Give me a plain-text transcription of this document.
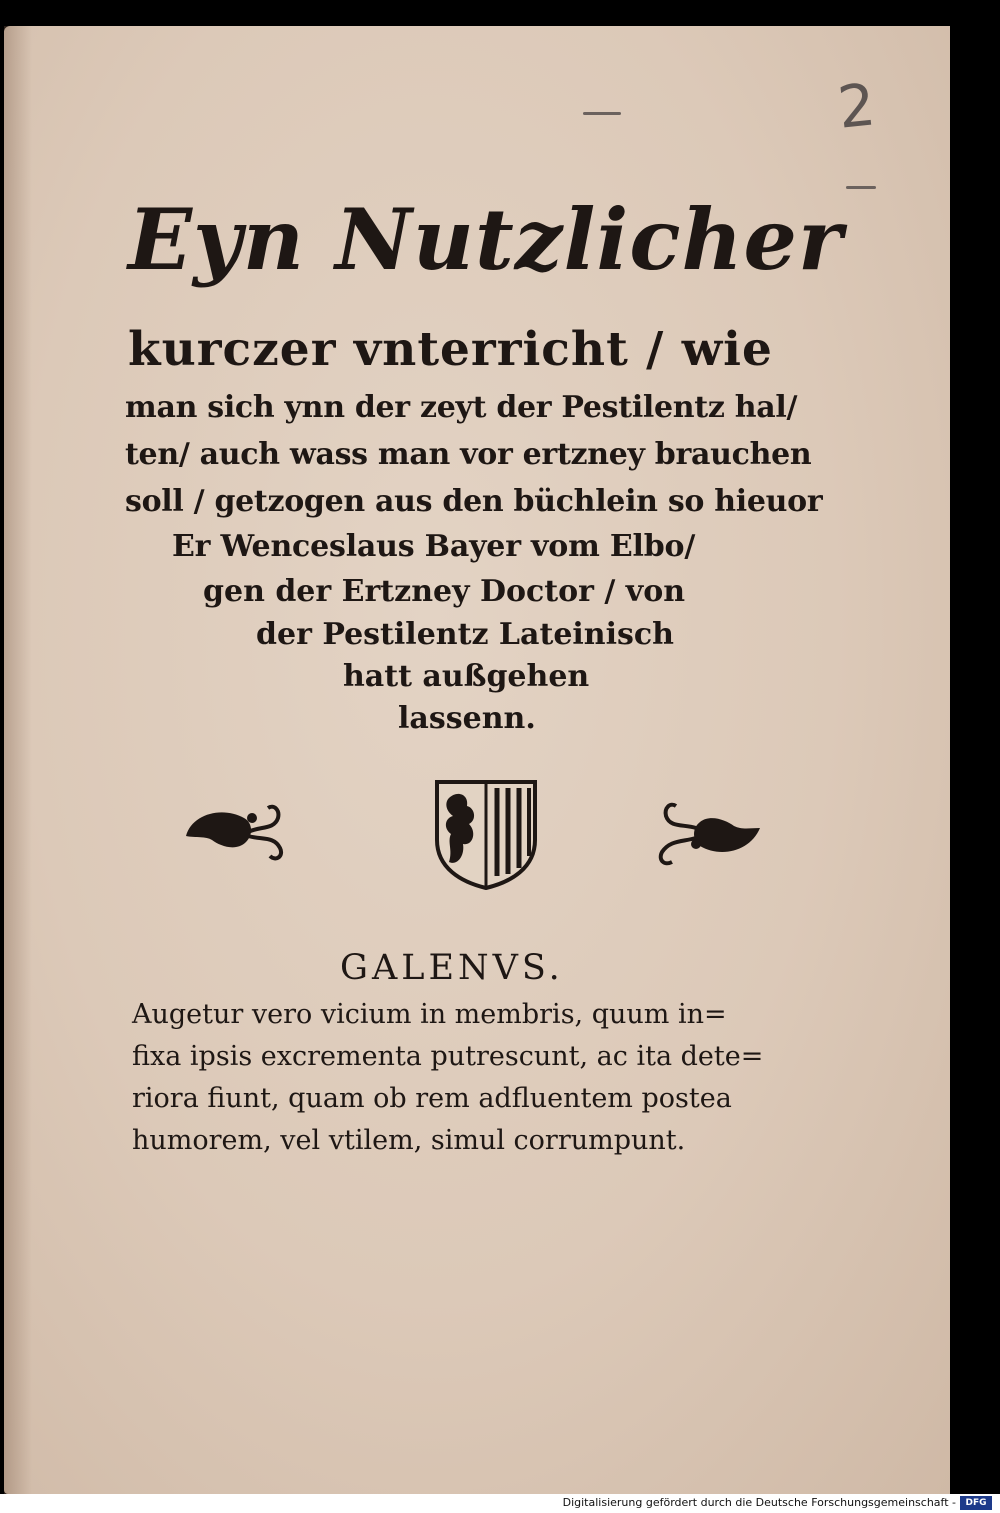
2
Eyn Nutzlicher
kurczer vnterricht / wie
man sich ynn der zeyt der Pestilentz hal/
ten/ auch wass man vor ertzney brauchen
soll / getzogen aus den büchlein so hieuor
Er Wenceslaus Bayer vom Elbo/
gen der Ertzney Doctor / von
der Pestilentz Lateinisch
hatt außgehen
lassenn.
GALENVS.
Augetur vero vicium in membris, quum in=
fixa ipsis excrementa putrescunt, ac ita dete=
riora fiunt, quam ob rem adfluentem postea
humorem, vel vtilem, simul corrumpunt.
Digitalisierung gefördert durch die Deutsche Forschungsgemeinschaft -	DFG
